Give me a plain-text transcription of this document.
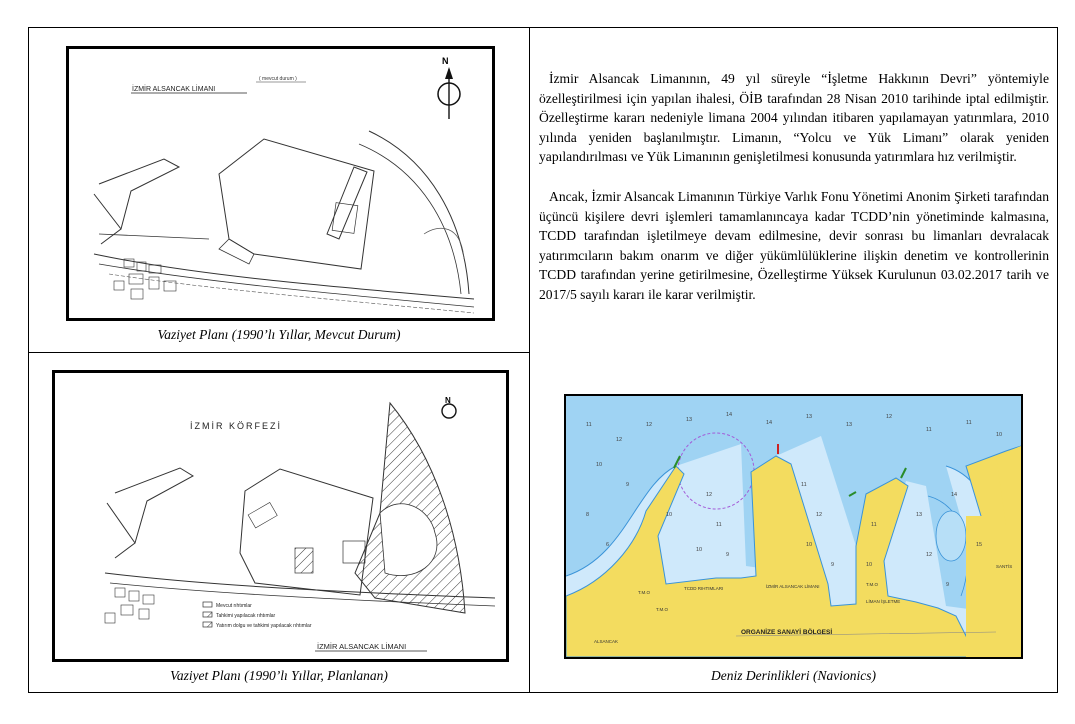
İZMİR ALSANCAK LİMANI
( mevcut durum )
N
Vaziyet Planı (1990’lı Yıllar, Mevcut Durum)
İZMİR KÖRFEZİ
N
Mevcut rıhtımlar
Tahkimi yapılacak rıhtımlar
Yatırım dolgu ve tahkimi yapılacak rıhtımlar
İZMİR ALSANCAK LİMANI
Vaziyet Planı (1990’lı Yıllar, Planlanan)

İzmir Alsancak Limanının, 49 yıl süreyle “İşletme Hakkının Devri” yöntemiyle özelleştirilmesi için yapılan ihalesi, ÖİB tarafından 28 Nisan 2010 tarihinde iptal edilmiştir. Özelleştirme kararı nedeniyle limana 2004 yılından itibaren yapılamayan yatırımlara, 2010 yılında yeniden başlanılmıştır. Limanın, “Yolcu ve Yük Limanı” olarak yeniden yapılandırılması ve Yük Limanının genişletilmesi konusunda yatırımlara hız verilmiştir.

Ancak, İzmir Alsancak Limanının Türkiye Varlık Fonu Yönetimi Anonim Şirketi tarafından üçüncü kişilere devri işlemleri tamamlanıncaya kadar TCDD’nin yönetiminde kalmasına, TCDD tarafından işletilmeye devam edilmesine, devir sonrası bu limanları devralacak yatırımcıların bakım onarım ve diğer yükümlülüklerine ilişkin denetim ve kontrollerinin TCDD tarafından yerine getirilmesine, Özelleştirme Yüksek Kurulunun 03.02.2017 tarih ve 2017/5 sayılı kararı ile karar verilmiştir.

11
12
12
13
14
14
13
13
12
11
11
10
10
9
8
6
12
11
10
9
11
12
10
9
11
10
13
12
14
15
9
10
T.M.O
TCDD RIHTIMLARI	İZMİR ALSANCAK LİMANI
T.M.O
T.M.O
LİMAN İŞLETME
SANTİS
ALSANCAK
ORGANİZE SANAYİ BÖLGESİ
Deniz Derinlikleri (Navionics)
